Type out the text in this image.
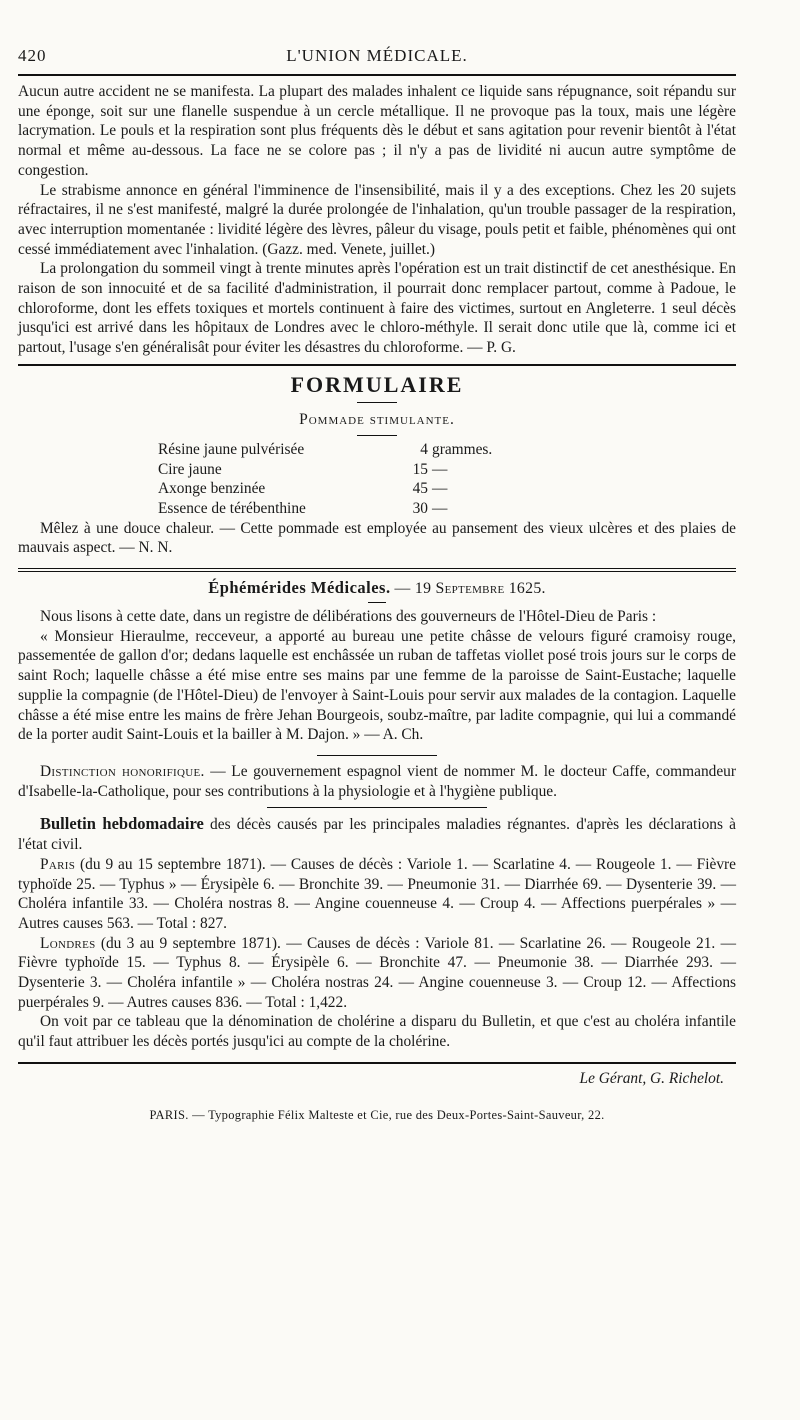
420	L'UNION MÉDICALE.

Aucun autre accident ne se manifesta. La plupart des malades inhalent ce liquide sans répugnance, soit répandu sur une éponge, soit sur une flanelle suspendue à un cercle métallique. Il ne provoque pas la toux, mais une légère lacrymation. Le pouls et la respiration sont plus fréquents dès le début et sans agitation pour revenir bientôt à l'état normal et même au-dessous. La face ne se colore pas ; il n'y a pas de lividité ni aucun autre symptôme de congestion.

Le strabisme annonce en général l'imminence de l'insensibilité, mais il y a des exceptions. Chez les 20 sujets réfractaires, il ne s'est manifesté, malgré la durée prolongée de l'inhalation, qu'un trouble passager de la respiration, avec interruption momentanée : lividité légère des lèvres, pâleur du visage, pouls petit et faible, phénomènes qui ont cessé immédiatement avec l'inhalation. (Gazz. med. Venete, juillet.)

La prolongation du sommeil vingt à trente minutes après l'opération est un trait distinctif de cet anesthésique. En raison de son innocuité et de sa facilité d'administration, il pourrait donc remplacer partout, comme à Padoue, le chloroforme, dont les effets toxiques et mortels continuent à faire des victimes, surtout en Angleterre. 1 seul décès jusqu'ici est arrivé dans les hôpitaux de Londres avec le chloro-méthyle. Il serait donc utile que là, comme ici et partout, l'usage s'en généralisât pour éviter les désastres du chloroforme. — P. G.

FORMULAIRE
Pommade stimulante.
Résine jaune pulvérisée	4	grammes.
Cire jaune	15	—
Axonge benzinée	45	—
Essence de térébenthine	30	—

Mêlez à une douce chaleur. — Cette pommade est employée au pansement des vieux ulcères et des plaies de mauvais aspect. — N. N.

Éphémérides Médicales. — 19 Septembre 1625.

Nous lisons à cette date, dans un registre de délibérations des gouverneurs de l'Hôtel-Dieu de Paris :

« Monsieur Hieraulme, recceveur, a apporté au bureau une petite châsse de velours figuré cramoisy rouge, passementée de gallon d'or; dedans laquelle est enchâssée un ruban de taffetas viollet posé trois jours sur le corps de saint Roch; laquelle châsse a été mise entre ses mains par une femme de la paroisse de Saint-Eustache; laquelle supplie la compagnie (de l'Hôtel-Dieu) de l'envoyer à Saint-Louis pour servir aux malades de la contagion. Laquelle châsse a été mise entre les mains de frère Jehan Bourgeois, soubz-maître, par ladite compagnie, qui lui a commandé de la porter audit Saint-Louis et la bailler à M. Dajon. » — A. Ch.

Distinction honorifique. — Le gouvernement espagnol vient de nommer M. le docteur Caffe, commandeur d'Isabelle-la-Catholique, pour ses contributions à la physiologie et à l'hygiène publique.

Bulletin hebdomadaire des décès causés par les principales maladies régnantes. d'après les déclarations à l'état civil.

Paris (du 9 au 15 septembre 1871). — Causes de décès : Variole 1. — Scarlatine 4. — Rougeole 1. — Fièvre typhoïde 25. — Typhus » — Érysipèle 6. — Bronchite 39. — Pneumonie 31. — Diarrhée 69. — Dysenterie 39. — Choléra infantile 33. — Choléra nostras 8. — Angine couenneuse 4. — Croup 4. — Affections puerpérales » — Autres causes 563. — Total : 827.

Londres (du 3 au 9 septembre 1871). — Causes de décès : Variole 81. — Scarlatine 26. — Rougeole 21. — Fièvre typhoïde 15. — Typhus 8. — Érysipèle 6. — Bronchite 47. — Pneumonie 38. — Diarrhée 293. — Dysenterie 3. — Choléra infantile » — Choléra nostras 24. — Angine couenneuse 3. — Croup 12. — Affections puerpérales 9. — Autres causes 836. — Total : 1,422.

On voit par ce tableau que la dénomination de cholérine a disparu du Bulletin, et que c'est au choléra infantile qu'il faut attribuer les décès portés jusqu'ici au compte de la cholérine.

Le Gérant, G. Richelot.
PARIS. — Typographie Félix Malteste et Cie, rue des Deux-Portes-Saint-Sauveur, 22.
